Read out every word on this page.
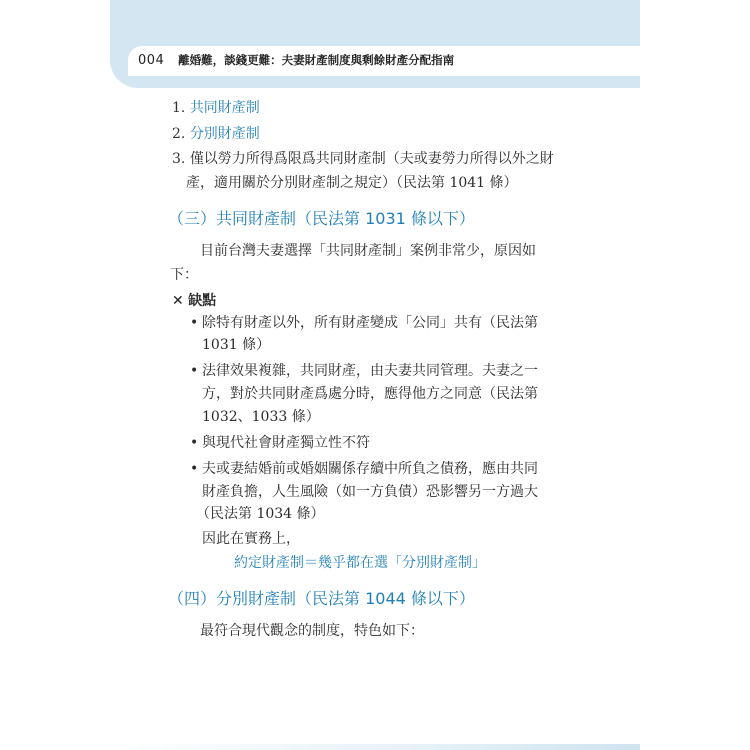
004 離婚難，談錢更難：夫妻財產制度與剩餘財產分配指南
1. 共同財產制
2. 分別財產制
3. 僅以勞力所得爲限爲共同財產制（夫或妻勞力所得以外之財
產，適用關於分別財產制之規定）（民法第 1041 條）
（三）共同財產制（民法第 1031 條以下）
目前台灣夫妻選擇「共同財產制」案例非常少，原因如
下：
✕ 缺點
• 除特有財產以外，所有財產變成「公同」共有（民法第
1031 條）
• 法律效果複雜，共同財產，由夫妻共同管理。夫妻之一
方，對於共同財產爲處分時，應得他方之同意（民法第
1032、1033 條）
• 與現代社會財產獨立性不符
• 夫或妻結婚前或婚姻關係存續中所負之債務，應由共同
財產負擔，人生風險（如一方負債）恐影響另一方過大
（民法第 1034 條）
因此在實務上，
約定財產制＝幾乎都在選「分別財產制」
（四）分別財產制（民法第 1044 條以下）
最符合現代觀念的制度，特色如下：
